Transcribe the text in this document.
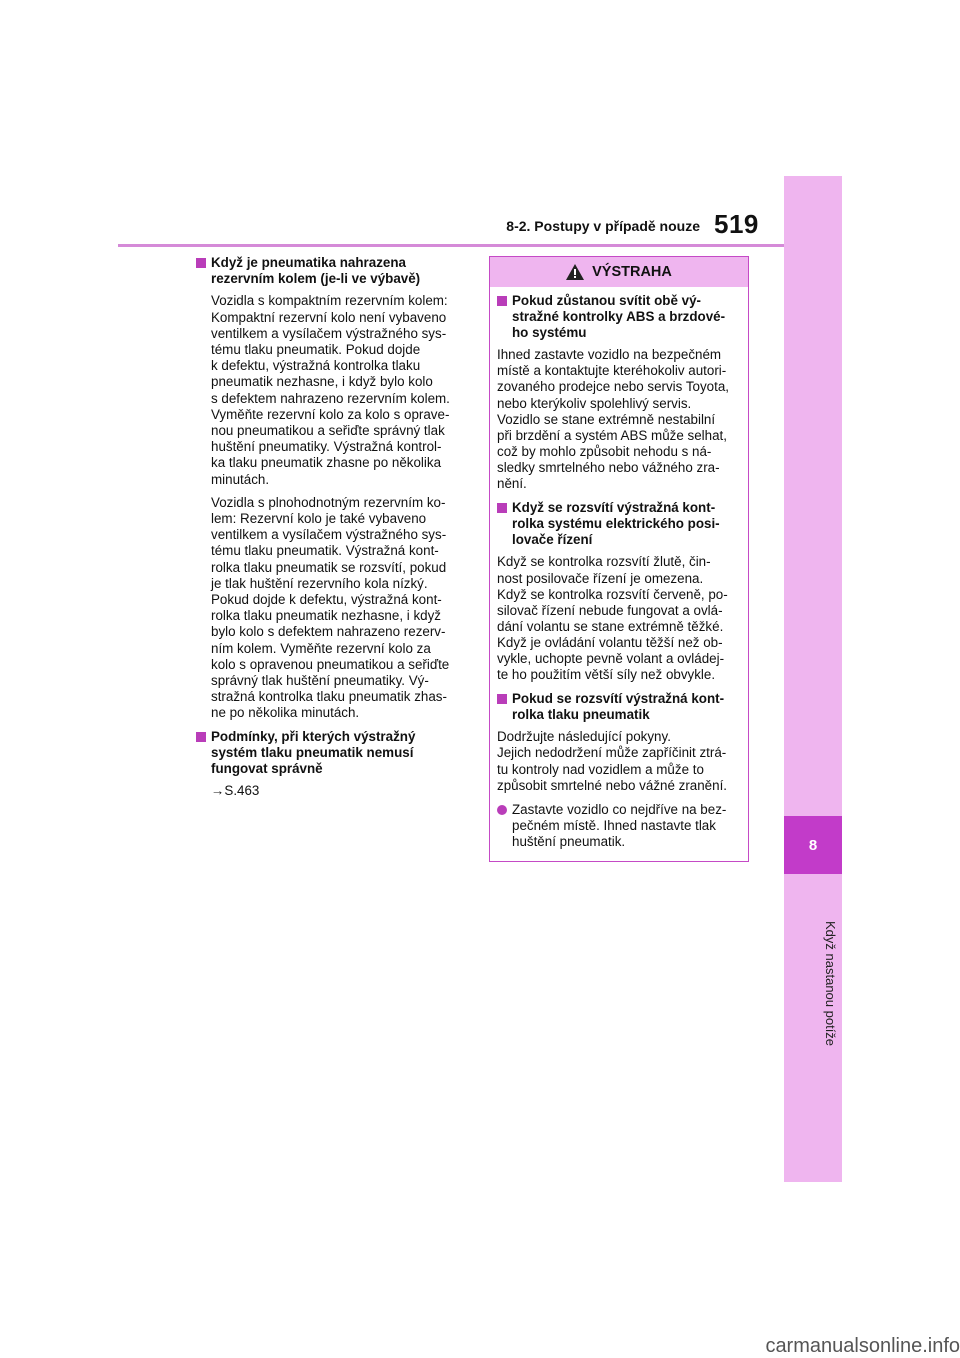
8
Když nastanou potíže
8-2. Postupy v případě nouze 519
Když je pneumatika nahrazena
rezervním kolem (je-li ve výbavě)
Vozidla s kompaktním rezervním kolem:
Kompaktní rezervní kolo není vybaveno
ventilkem a vysílačem výstražného sys-
tému tlaku pneumatik. Pokud dojde
k defektu, výstražná kontrolka tlaku
pneumatik nezhasne, i když bylo kolo
s defektem nahrazeno rezervním kolem.
Vyměňte rezervní kolo za kolo s oprave-
nou pneumatikou a seřiďte správný tlak
huštění pneumatiky. Výstražná kontrol-
ka tlaku pneumatik zhasne po několika
minutách.
Vozidla s plnohodnotným rezervním ko-
lem: Rezervní kolo je také vybaveno
ventilkem a vysílačem výstražného sys-
tému tlaku pneumatik. Výstražná kont-
rolka tlaku pneumatik se rozsvítí, pokud
je tlak huštění rezervního kola nízký.
Pokud dojde k defektu, výstražná kont-
rolka tlaku pneumatik nezhasne, i když
bylo kolo s defektem nahrazeno rezerv-
ním kolem. Vyměňte rezervní kolo za
kolo s opravenou pneumatikou a seřiďte
správný tlak huštění pneumatiky. Vý-
stražná kontrolka tlaku pneumatik zhas-
ne po několika minutách.
Podmínky, při kterých výstražný
systém tlaku pneumatik nemusí
fungovat správně
→S.463
VÝSTRAHA
Pokud zůstanou svítit obě vý-
stražné kontrolky ABS a brzdové-
ho systému
Ihned zastavte vozidlo na bezpečném
místě a kontaktujte kteréhokoliv autori-
zovaného prodejce nebo servis Toyota,
nebo kterýkoliv spolehlivý servis.
Vozidlo se stane extrémně nestabilní
při brzdění a systém ABS může selhat,
což by mohlo způsobit nehodu s ná-
sledky smrtelného nebo vážného zra-
nění.
Když se rozsvítí výstražná kont-
rolka systému elektrického posi-
lovače řízení
Když se kontrolka rozsvítí žlutě, čin-
nost posilovače řízení je omezena.
Když se kontrolka rozsvítí červeně, po-
silovač řízení nebude fungovat a ovlá-
dání volantu se stane extrémně těžké.
Když je ovládání volantu těžší než ob-
vykle, uchopte pevně volant a ovládej-
te ho použitím větší síly než obvykle.
Pokud se rozsvítí výstražná kont-
rolka tlaku pneumatik
Dodržujte následující pokyny.
Jejich nedodržení může zapříčinit ztrá-
tu kontroly nad vozidlem a může to
způsobit smrtelné nebo vážné zranění.
Zastavte vozidlo co nejdříve na bez-
pečném místě. Ihned nastavte tlak
huštění pneumatik.
carmanualsonline.info
